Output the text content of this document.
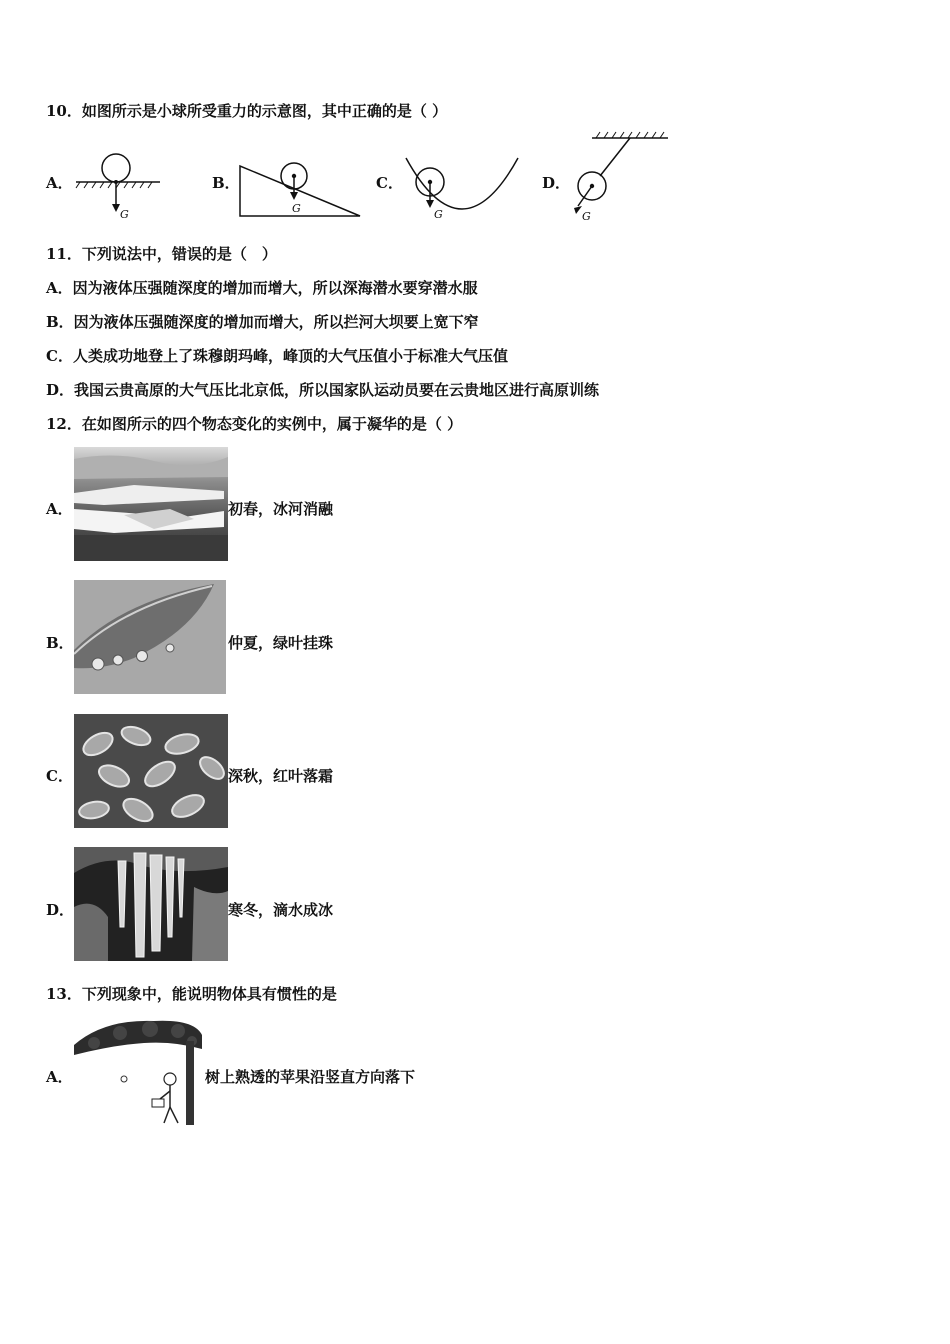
10．如图所示是小球所受重力的示意图，其中正确的是（ ）
A．
G
B．
G
C．
G
D．
G
11．下列说法中，错误的是（　）
A．因为液体压强随深度的增加而增大，所以深海潜水要穿潜水服
B．因为液体压强随深度的增加而增大，所以拦河大坝要上宽下窄
C．人类成功地登上了珠穆朗玛峰，峰顶的大气压值小于标准大气压值
D．我国云贵高原的大气压比北京低，所以国家队运动员要在云贵地区进行高原训练
12．在如图所示的四个物态变化的实例中，属于凝华的是（ ）
A．	初春，冰河消融
B．	仲夏，绿叶挂珠
C．	深秋，红叶落霜
D．	寒冬，滴水成冰
13．下列现象中，能说明物体具有惯性的是
A．	树上熟透的苹果沿竖直方向落下
